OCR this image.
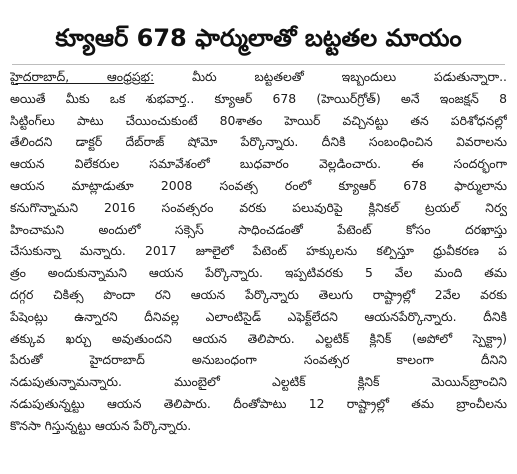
క్యూఆర్ 678 ఫార్ములాతో బట్టతల మాయం
హైదరాబాద్, ఆంధ్రప్రభ:	మీరు బట్టతలతో ఇబ్బందులు పడుతున్నారా..
అయితే మీకు ఒక శుభవార్త.. క్యూఆర్ 678 (హెయిర్‌గ్రోత్) అనే ఇంజక్షన్ 8
సిట్టింగ్‌లు పాటు చేయించుకుంటే 80శాతం హెయిర్ వచ్చినట్టు తన పరిశోధనల్లో
తేలిందని డాక్టర్ దేబ్‌రాజ్ షోమో పేర్కొన్నారు. దీనికి సంబంధించిన వివరాలను
ఆయన విలేకరుల సమావేశంలో బుధవారం వెల్లడించారు. ఈ సందర్భంగా
ఆయన మాట్లాడుతూ 2008 సంవత్స రంలో క్యూఆర్ 678 ఫార్ములాను
కనుగొన్నామని 2016 సంవత్సరం వరకు పలువురిపై క్లినికల్ ట్రయల్ నిర్వ
హించామని అందులో సక్సెస్ సాధించడంతో పేటెంట్ కోసం దరఖాస్తు
చేసుకున్నా మన్నారు. 2017 జూలైలో పేటెంట్ హక్కులను కల్పిస్తూ ధ్రువీకరణ ప
త్రం అందుకున్నామని ఆయన పేర్కొన్నారు. ఇప్పటివరకు 5 వేల మంది తమ
దగ్గర చికిత్స పొందా రని ఆయన పేర్కొన్నారు తెలుగు రాష్ట్రాల్లో 2వేల వరకు
పేషెంట్లు ఉన్నారని దీనివల్ల ఎలాంటిసైడ్ ఎఫెక్ట్‌లేదని ఆయనపేర్కొన్నారు. దీనికి
తక్కువ ఖర్చు అవుతుందని ఆయన తెలిపారు. ఎల్టటిక్ క్లినిక్ (అపోలో స్పెక్ట్రా)
పేరుతో హైదరాబాద్ అనుబంధంగా సంవత్సర కాలంగా దీనిని
నడుపుతున్నామన్నారు. ముంబైలో ఎల్టటిక్ క్లినిక్ మెయిన్‌బ్రాంచిని
నడుపుతున్నట్టు ఆయన తెలిపారు. దీంతోపాటు 12 రాష్ట్రాల్లో తమ బ్రాంచీలను
కొనసా గిస్తున్నట్టు ఆయన పేర్కొన్నారు.
